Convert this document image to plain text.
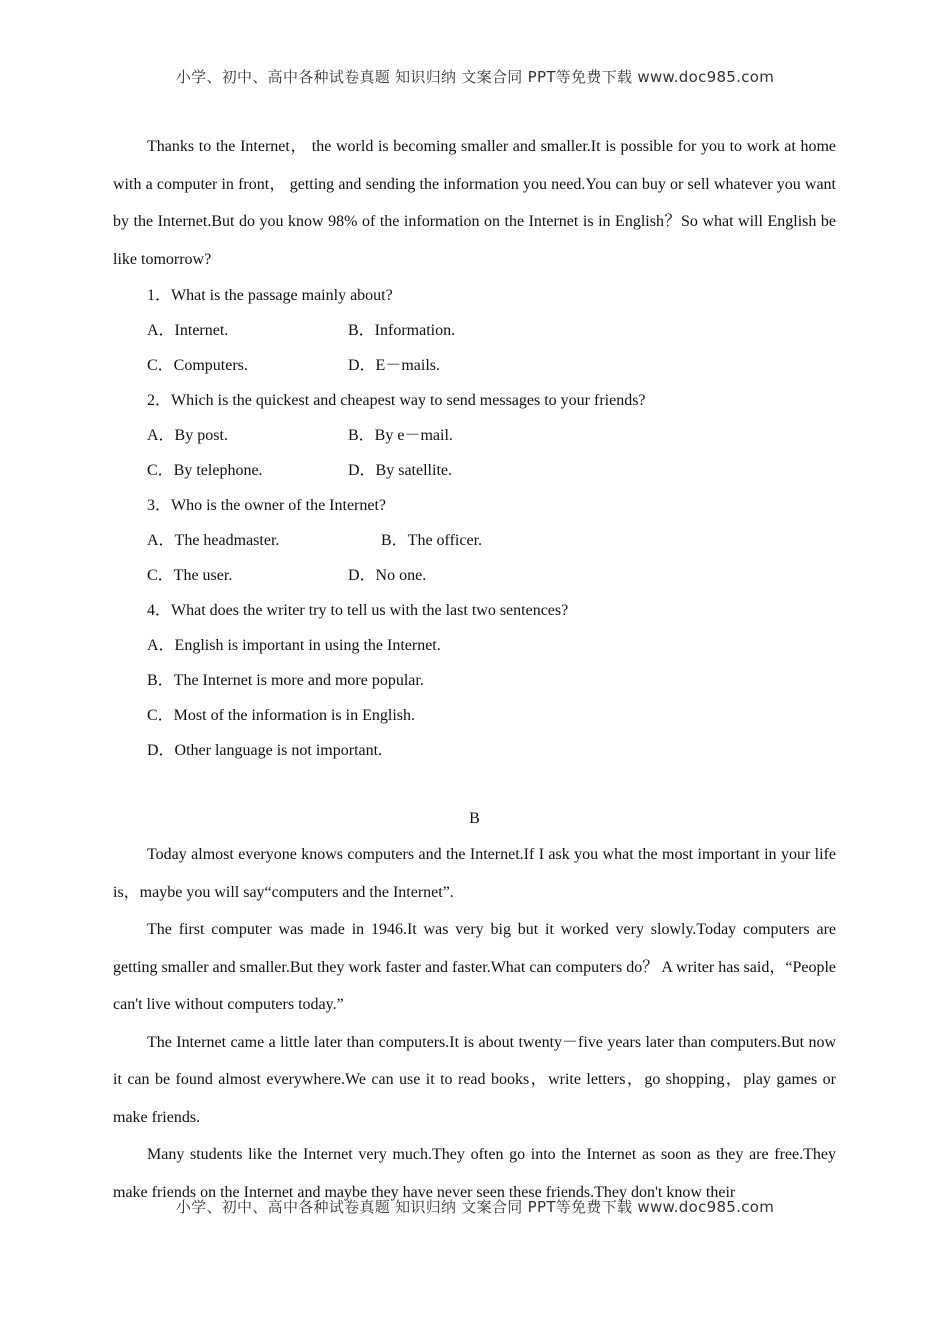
小学、初中、高中各种试卷真题 知识归纳 文案合同 PPT等免费下载 www.doc985.com

Thanks to the Internet， the world is becoming smaller and smaller.It is possible for you to work at home with a computer in front， getting and sending the information you need.You can buy or sell whatever you want by the Internet.But do you know 98% of the information on the Internet is in English？So what will English be like tomorrow?

1．What is the passage mainly about?

A．Internet.	B．Information.
C．Computers.	D．E－mails.

2．Which is the quickest and cheapest way to send messages to your friends?

A．By post.	B．By e－mail.
C．By telephone.	D．By satellite.

3．Who is the owner of the Internet?

A．The headmaster.	B．The officer.
C．The user.	D．No one.

4．What does the writer try to tell us with the last two sentences?

A．English is important in using the Internet.

B．The Internet is more and more popular.

C．Most of the information is in English.

D．Other language is not important.

B

Today almost everyone knows computers and the Internet.If I ask you what the most important in your life is，maybe you will say“computers and the Internet”.

The first computer was made in 1946.It was very big but it worked very slowly.Today computers are getting smaller and smaller.But they work faster and faster.What can computers do？ A writer has said，“People can't live without computers today.”

The Internet came a little later than computers.It is about twenty－five years later than computers.But now it can be found almost everywhere.We can use it to read books，write letters，go shopping，play games or make friends.

Many students like the Internet very much.They often go into the Internet as soon as they are free.They make friends on the Internet and maybe they have never seen these friends.They don't know their

小学、初中、高中各种试卷真题 知识归纳 文案合同 PPT等免费下载 www.doc985.com
